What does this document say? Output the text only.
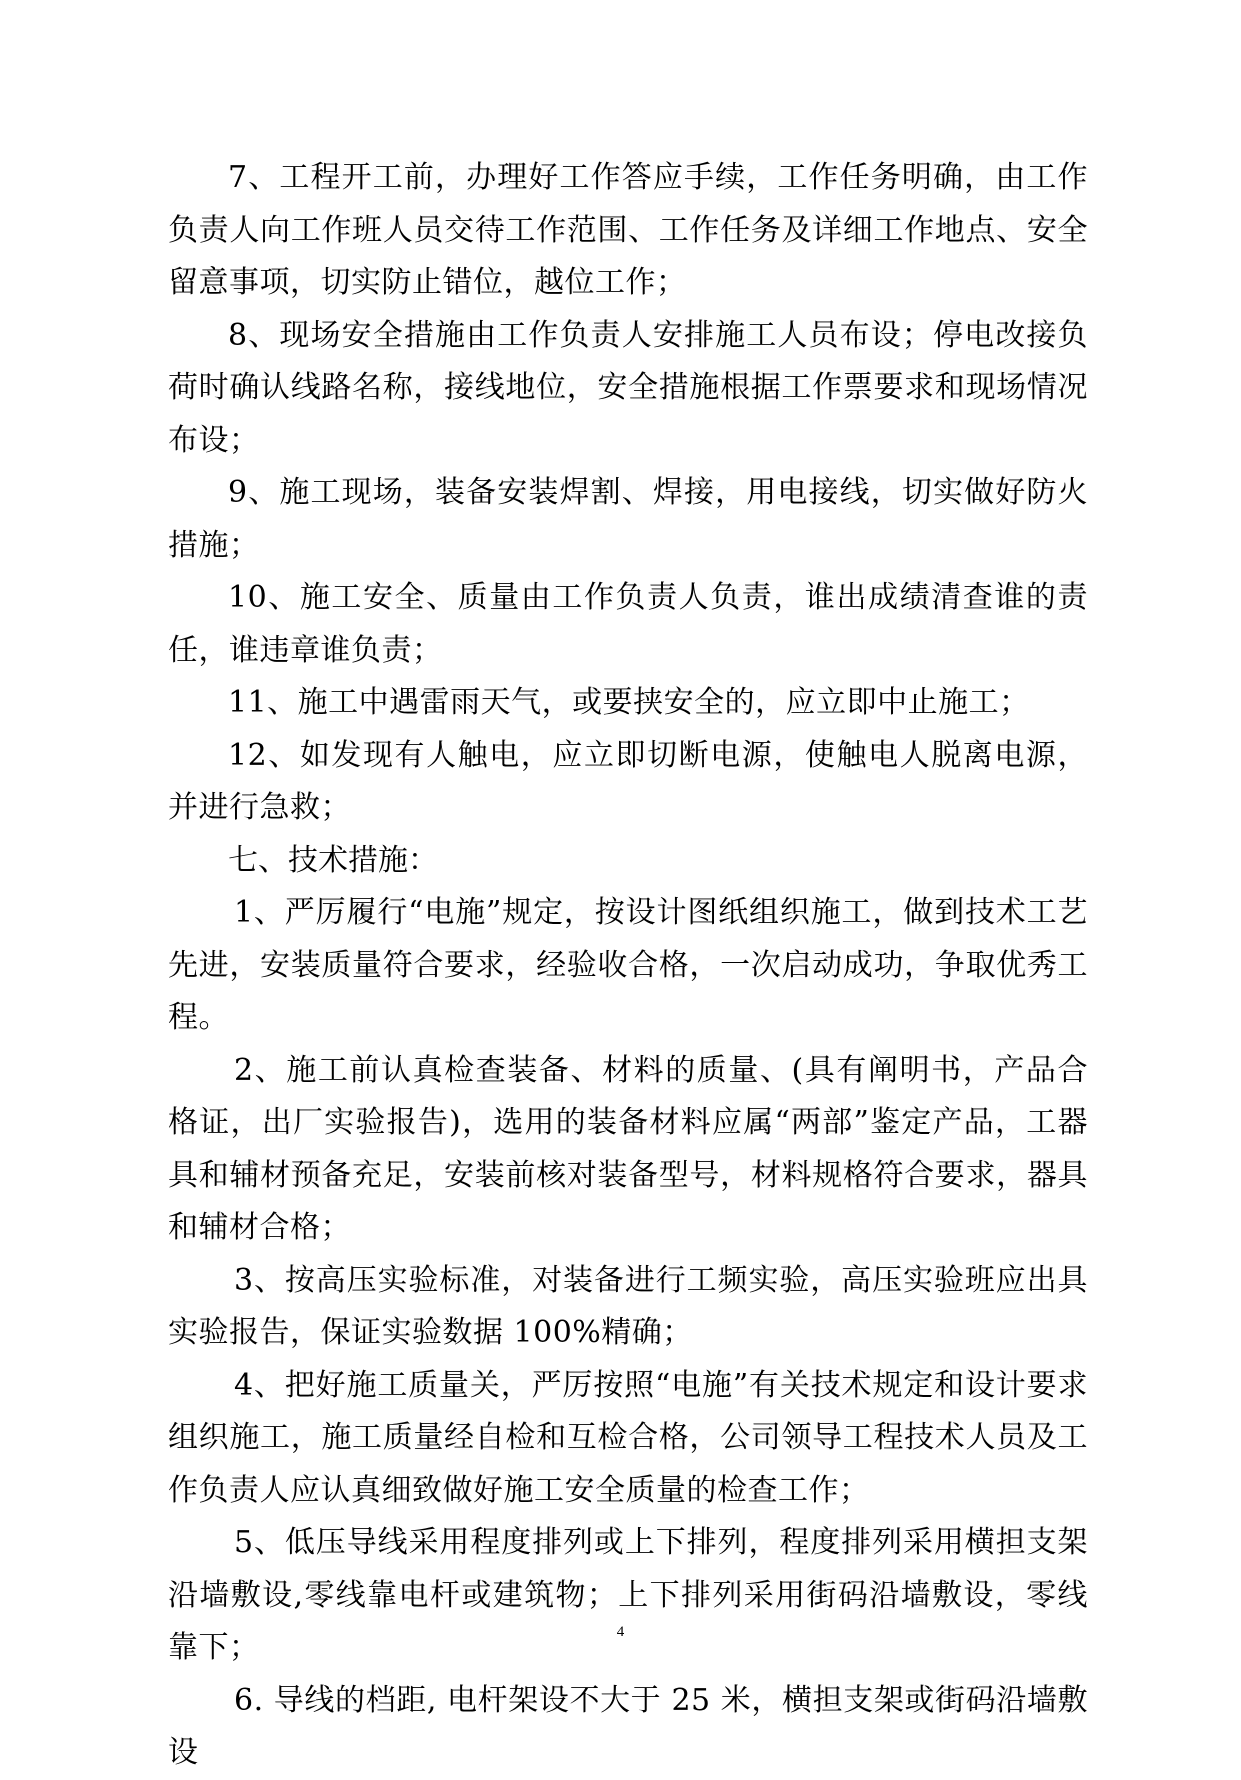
7、工程开工前，办理好工作答应手续，工作任务明确，由工作负责人向工作班人员交待工作范围、工作任务及详细工作地点、安全留意事项，切实防止错位，越位工作；

8、现场安全措施由工作负责人安排施工人员布设；停电改接负荷时确认线路名称，接线地位，安全措施根据工作票要求和现场情况布设；

9、施工现场，装备安装焊割、焊接，用电接线，切实做好防火措施；

10、施工安全、质量由工作负责人负责，谁出成绩清查谁的责任，谁违章谁负责；

11、施工中遇雷雨天气，或要挟安全的，应立即中止施工；

12、如发现有人触电，应立即切断电源，使触电人脱离电源，并进行急救；

七、技术措施：

1、严厉履行“电施”规定，按设计图纸组织施工，做到技术工艺先进，安装质量符合要求，经验收合格，一次启动成功，争取优秀工程。

2、施工前认真检查装备、材料的质量、(具有阐明书，产品合格证，出厂实验报告)，选用的装备材料应属“两部”鉴定产品，工器具和辅材预备充足，安装前核对装备型号，材料规格符合要求，器具和辅材合格；

3、按高压实验标准，对装备进行工频实验，高压实验班应出具实验报告，保证实验数据 100%精确；

4、把好施工质量关，严厉按照“电施”有关技术规定和设计要求组织施工，施工质量经自检和互检合格，公司领导工程技术人员及工作负责人应认真细致做好施工安全质量的检查工作；

5、低压导线采用程度排列或上下排列，程度排列采用横担支架沿墙敷设,零线靠电杆或建筑物；上下排列采用街码沿墙敷设，零线靠下；

6. 导线的档距, 电杆架设不大于 25 米，横担支架或街码沿墙敷设

4
